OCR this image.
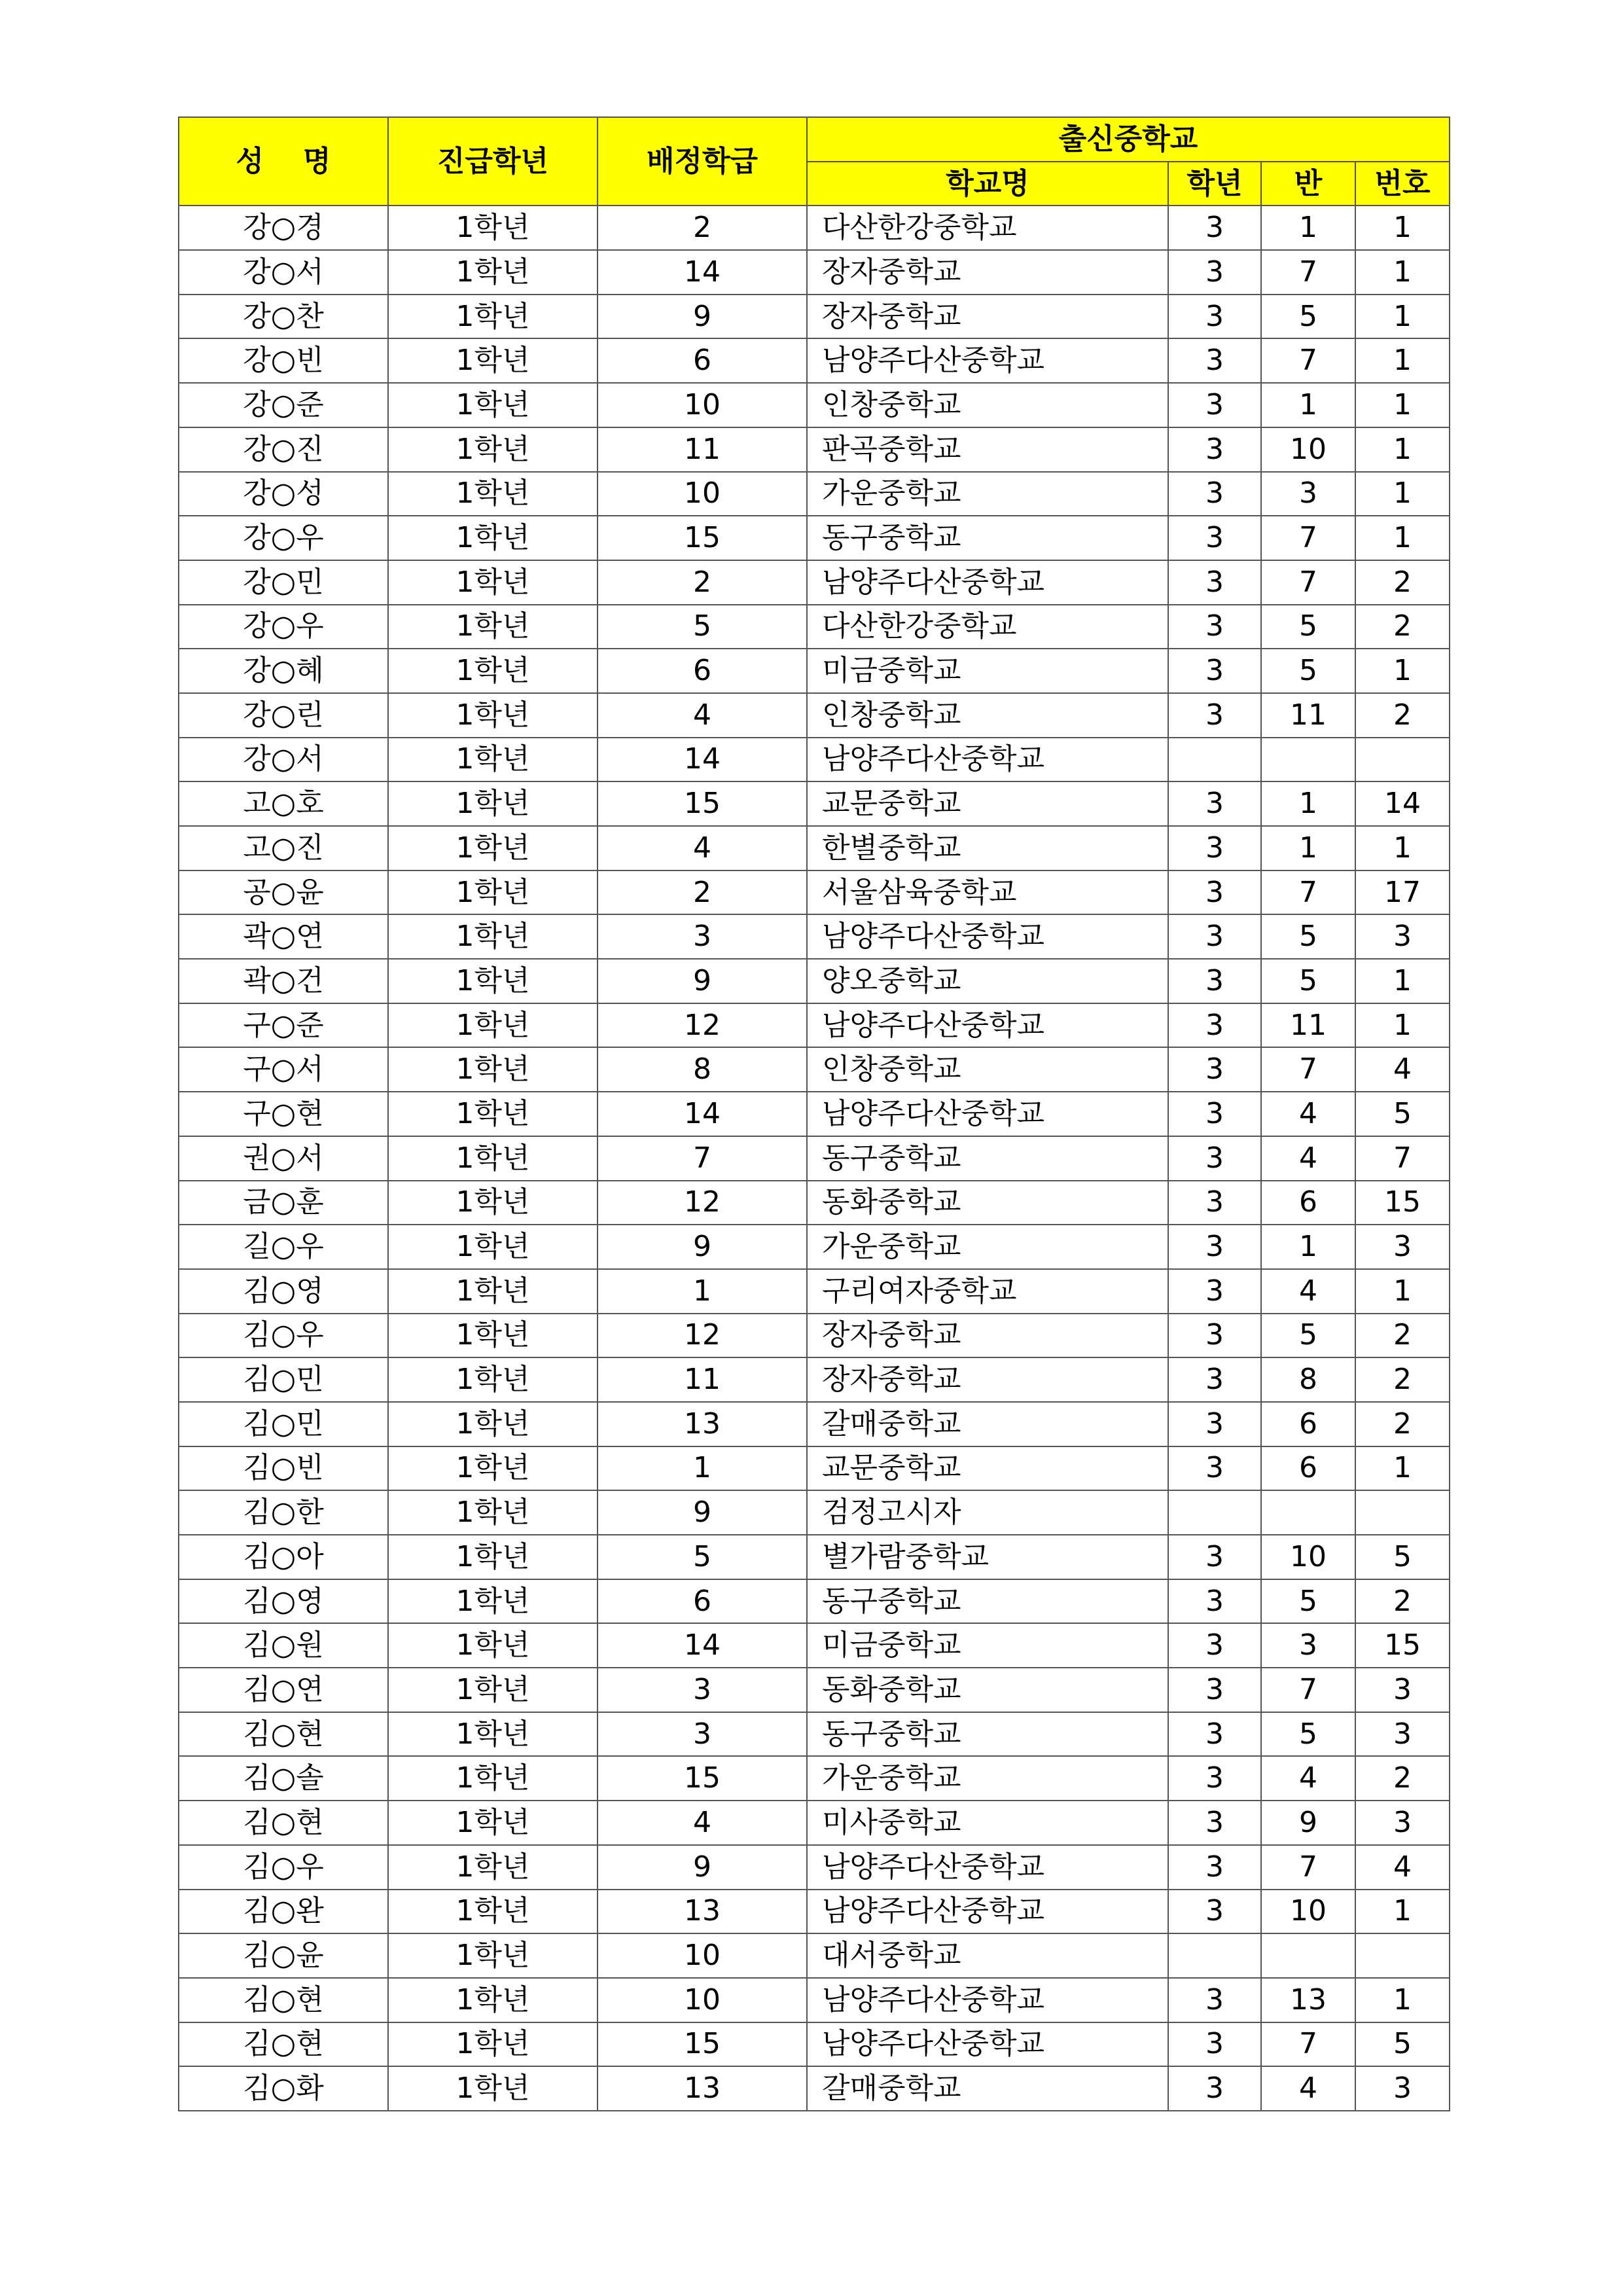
성명	진급학년	배정학급	출신중학교			
			학교명	학년	반	번호
강○경	1학년	2	다산한강중학교	3	1	1
강○서	1학년	14	장자중학교	3	7	1
강○찬	1학년	9	장자중학교	3	5	1
강○빈	1학년	6	남양주다산중학교	3	7	1
강○준	1학년	10	인창중학교	3	1	1
강○진	1학년	11	판곡중학교	3	10	1
강○성	1학년	10	가운중학교	3	3	1
강○우	1학년	15	동구중학교	3	7	1
강○민	1학년	2	남양주다산중학교	3	7	2
강○우	1학년	5	다산한강중학교	3	5	2
강○혜	1학년	6	미금중학교	3	5	1
강○린	1학년	4	인창중학교	3	11	2
강○서	1학년	14	남양주다산중학교			
고○호	1학년	15	교문중학교	3	1	14
고○진	1학년	4	한별중학교	3	1	1
공○윤	1학년	2	서울삼육중학교	3	7	17
곽○연	1학년	3	남양주다산중학교	3	5	3
곽○건	1학년	9	양오중학교	3	5	1
구○준	1학년	12	남양주다산중학교	3	11	1
구○서	1학년	8	인창중학교	3	7	4
구○현	1학년	14	남양주다산중학교	3	4	5
권○서	1학년	7	동구중학교	3	4	7
금○훈	1학년	12	동화중학교	3	6	15
길○우	1학년	9	가운중학교	3	1	3
김○영	1학년	1	구리여자중학교	3	4	1
김○우	1학년	12	장자중학교	3	5	2
김○민	1학년	11	장자중학교	3	8	2
김○민	1학년	13	갈매중학교	3	6	2
김○빈	1학년	1	교문중학교	3	6	1
김○한	1학년	9	검정고시자			
김○아	1학년	5	별가람중학교	3	10	5
김○영	1학년	6	동구중학교	3	5	2
김○원	1학년	14	미금중학교	3	3	15
김○연	1학년	3	동화중학교	3	7	3
김○현	1학년	3	동구중학교	3	5	3
김○솔	1학년	15	가운중학교	3	4	2
김○현	1학년	4	미사중학교	3	9	3
김○우	1학년	9	남양주다산중학교	3	7	4
김○완	1학년	13	남양주다산중학교	3	10	1
김○윤	1학년	10	대서중학교			
김○현	1학년	10	남양주다산중학교	3	13	1
김○현	1학년	15	남양주다산중학교	3	7	5
김○화	1학년	13	갈매중학교	3	4	3
